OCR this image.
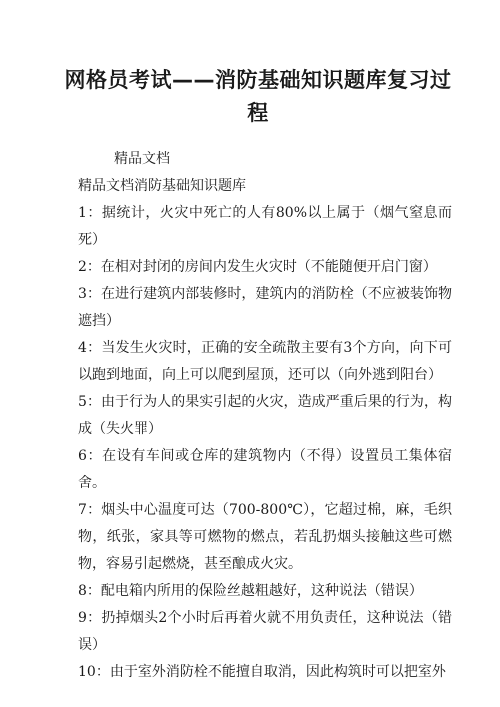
网格员考试——消防基础知识题库复习过程
精品文档

精品文档消防基础知识题库

1：据统计，火灾中死亡的人有80%以上属于（烟气窒息而死）

2：在相对封闭的房间内发生火灾时（不能随便开启门窗）

3：在进行建筑内部装修时，建筑内的消防栓（不应被装饰物遮挡）

4：当发生火灾时，正确的安全疏散主要有3个方向，向下可以跑到地面，向上可以爬到屋顶，还可以（向外逃到阳台）

5：由于行为人的果实引起的火灾，造成严重后果的行为，构成（失火罪）

6：在设有车间或仓库的建筑物内（不得）设置员工集体宿舍。

7：烟头中心温度可达（700-800℃），它超过棉，麻，毛织物，纸张，家具等可燃物的燃点，若乱扔烟头接触这些可燃物，容易引起燃烧，甚至酿成火灾。

8：配电箱内所用的保险丝越粗越好，这种说法（错误）

9：扔掉烟头2个小时后再着火就不用负责任，这种说法（错误）

10：由于室外消防栓不能擅自取消，因此构筑时可以把室外
